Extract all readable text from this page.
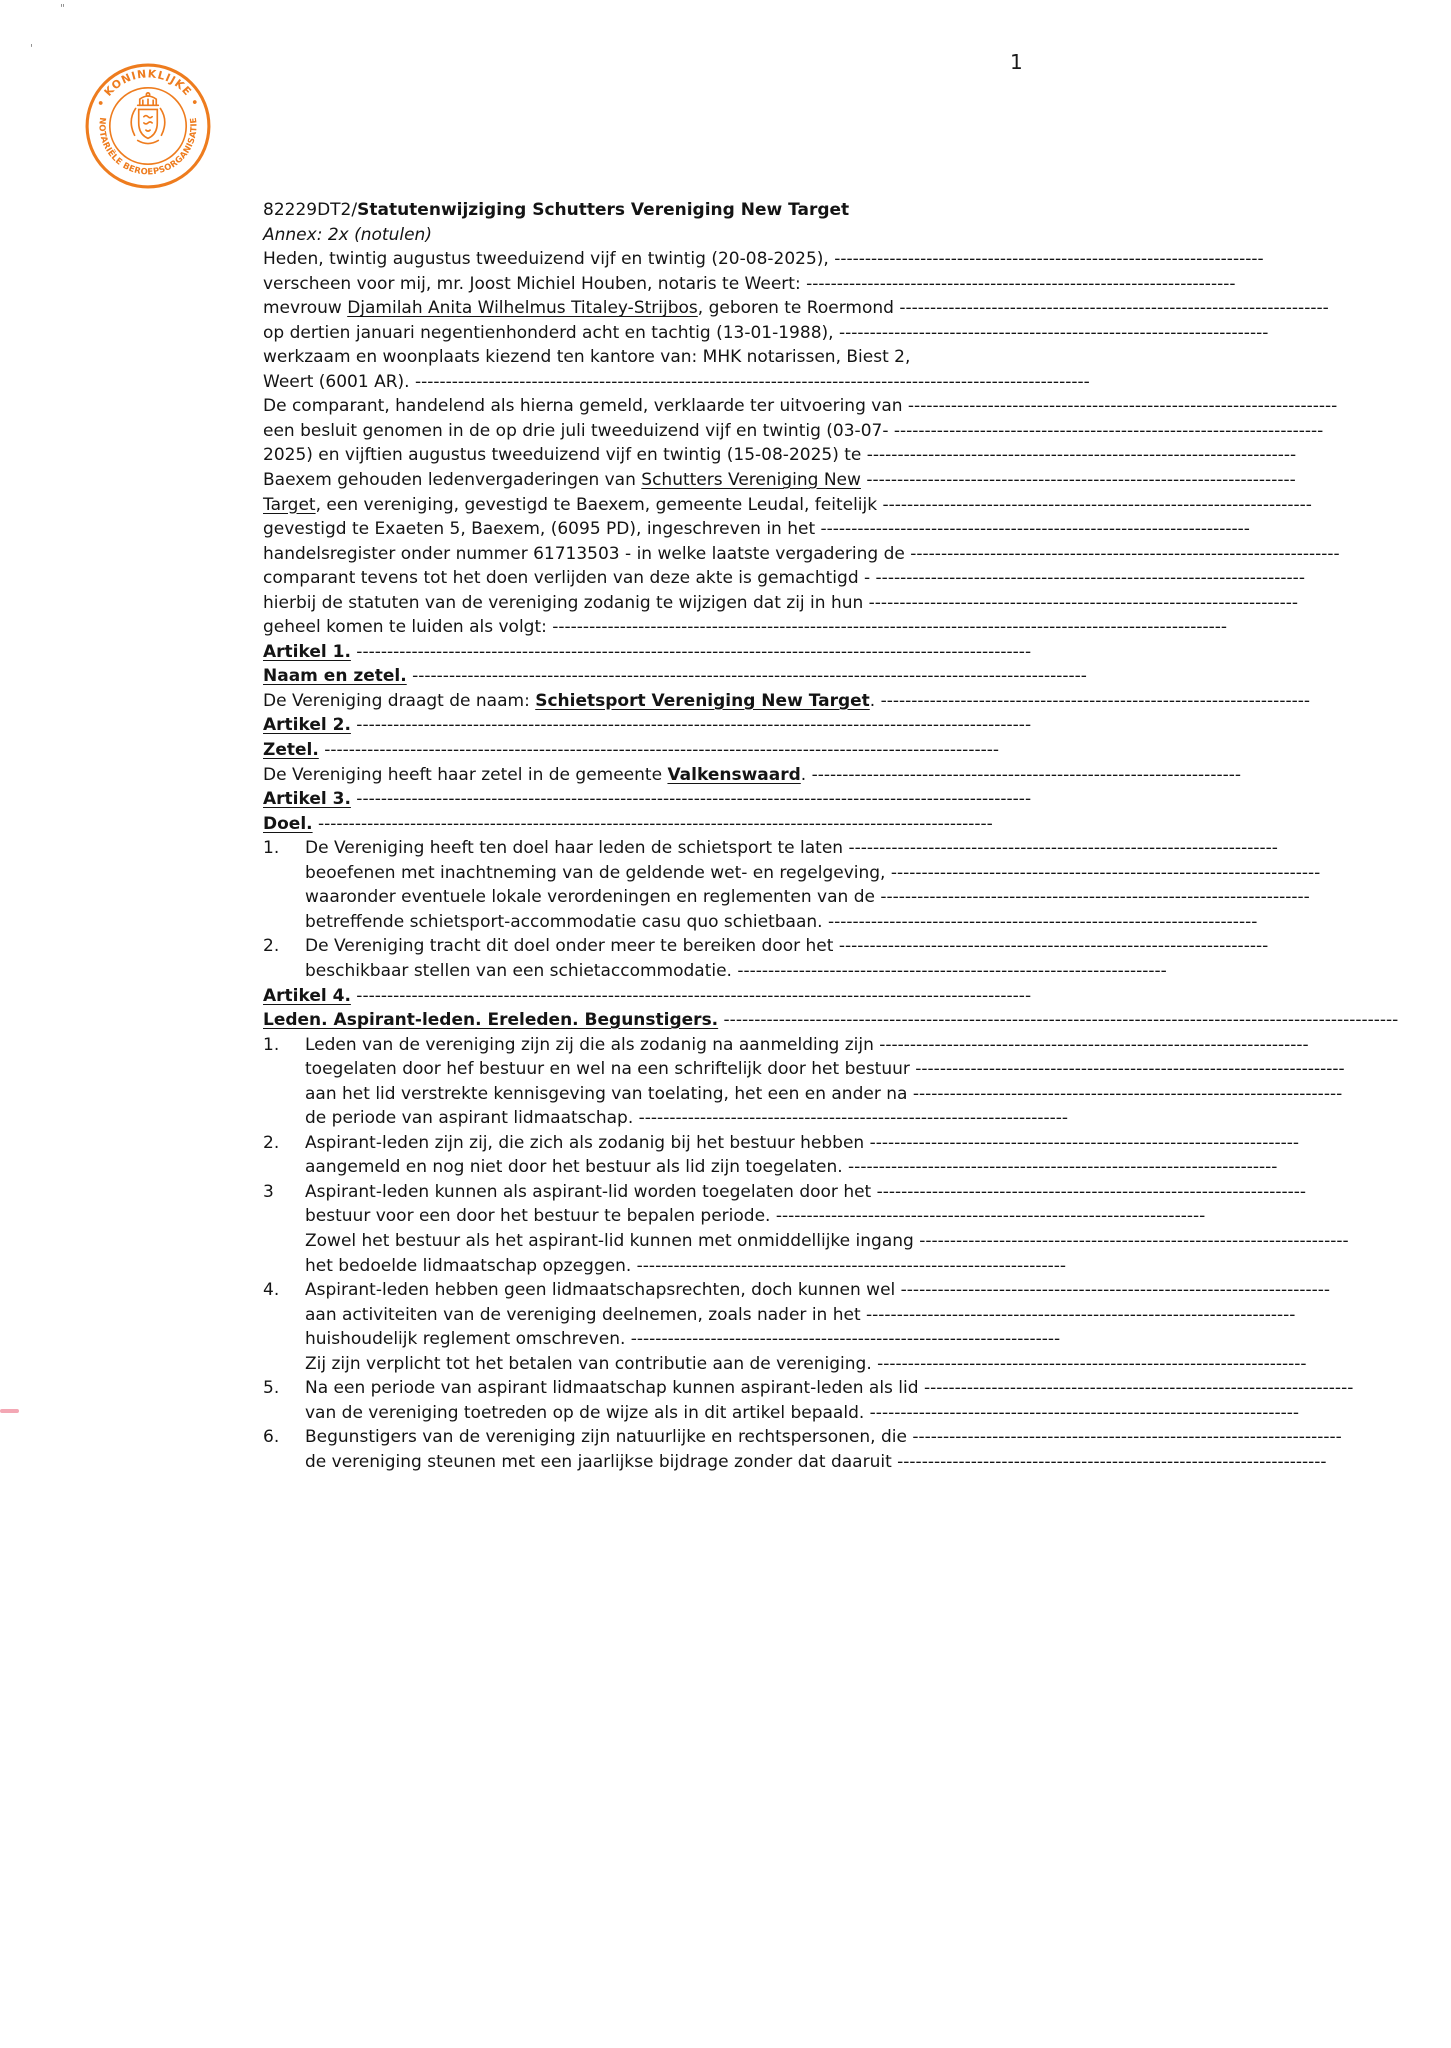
1
"
'
• KONINKLIJKE •
NOTARIËLE BEROEPSORGANISATIE
82229DT2/Statutenwijziging Schutters Vereniging New Target
Annex: 2x (notulen)
Heden, twintig augustus tweeduizend vijf en twintig (20-08-2025), ----------------------------------------------------------------------
verscheen voor mij, mr. Joost Michiel Houben, notaris te Weert: ----------------------------------------------------------------------
mevrouw Djamilah Anita Wilhelmus Titaley-Strijbos, geboren te Roermond ----------------------------------------------------------------------
op dertien januari negentienhonderd acht en tachtig (13-01-1988), ----------------------------------------------------------------------
werkzaam en woonplaats kiezend ten kantore van: MHK notarissen, Biest 2,
Weert (6001 AR). --------------------------------------------------------------------------------------------------------------
De comparant, handelend als hierna gemeld, verklaarde ter uitvoering van ----------------------------------------------------------------------
een besluit genomen in de op drie juli tweeduizend vijf en twintig (03-07- ----------------------------------------------------------------------
2025) en vijftien augustus tweeduizend vijf en twintig (15-08-2025) te ----------------------------------------------------------------------
Baexem gehouden ledenvergaderingen van Schutters Vereniging New ----------------------------------------------------------------------
Target, een vereniging, gevestigd te Baexem, gemeente Leudal, feitelijk ----------------------------------------------------------------------
gevestigd te Exaeten 5, Baexem, (6095 PD), ingeschreven in het ----------------------------------------------------------------------
handelsregister onder nummer 61713503 - in welke laatste vergadering de ----------------------------------------------------------------------
comparant tevens tot het doen verlijden van deze akte is gemachtigd - ----------------------------------------------------------------------
hierbij de statuten van de vereniging zodanig te wijzigen dat zij in hun ----------------------------------------------------------------------
geheel komen te luiden als volgt: --------------------------------------------------------------------------------------------------------------
Artikel 1. --------------------------------------------------------------------------------------------------------------
Naam en zetel. --------------------------------------------------------------------------------------------------------------
De Vereniging draagt de naam: Schietsport Vereniging New Target. ----------------------------------------------------------------------
Artikel 2. --------------------------------------------------------------------------------------------------------------
Zetel. --------------------------------------------------------------------------------------------------------------
De Vereniging heeft haar zetel in de gemeente Valkenswaard. ----------------------------------------------------------------------
Artikel 3. --------------------------------------------------------------------------------------------------------------
Doel. --------------------------------------------------------------------------------------------------------------
1. De Vereniging heeft ten doel haar leden de schietsport te laten ----------------------------------------------------------------------
beoefenen met inachtneming van de geldende wet- en regelgeving, ----------------------------------------------------------------------
waaronder eventuele lokale verordeningen en reglementen van de ----------------------------------------------------------------------
betreffende schietsport-accommodatie casu quo schietbaan. ----------------------------------------------------------------------
2. De Vereniging tracht dit doel onder meer te bereiken door het ----------------------------------------------------------------------
beschikbaar stellen van een schietaccommodatie. ----------------------------------------------------------------------
Artikel 4. --------------------------------------------------------------------------------------------------------------
Leden. Aspirant-leden. Ereleden. Begunstigers. --------------------------------------------------------------------------------------------------------------
1. Leden van de vereniging zijn zij die als zodanig na aanmelding zijn ----------------------------------------------------------------------
toegelaten door hef bestuur en wel na een schriftelijk door het bestuur ----------------------------------------------------------------------
aan het lid verstrekte kennisgeving van toelating, het een en ander na ----------------------------------------------------------------------
de periode van aspirant lidmaatschap. ----------------------------------------------------------------------
2. Aspirant-leden zijn zij, die zich als zodanig bij het bestuur hebben ----------------------------------------------------------------------
aangemeld en nog niet door het bestuur als lid zijn toegelaten. ----------------------------------------------------------------------
3 Aspirant-leden kunnen als aspirant-lid worden toegelaten door het ----------------------------------------------------------------------
bestuur voor een door het bestuur te bepalen periode. ----------------------------------------------------------------------
Zowel het bestuur als het aspirant-lid kunnen met onmiddellijke ingang ----------------------------------------------------------------------
het bedoelde lidmaatschap opzeggen. ----------------------------------------------------------------------
4. Aspirant-leden hebben geen lidmaatschapsrechten, doch kunnen wel ----------------------------------------------------------------------
aan activiteiten van de vereniging deelnemen, zoals nader in het ----------------------------------------------------------------------
huishoudelijk reglement omschreven. ----------------------------------------------------------------------
Zij zijn verplicht tot het betalen van contributie aan de vereniging. ----------------------------------------------------------------------
5. Na een periode van aspirant lidmaatschap kunnen aspirant-leden als lid ----------------------------------------------------------------------
van de vereniging toetreden op de wijze als in dit artikel bepaald. ----------------------------------------------------------------------
6. Begunstigers van de vereniging zijn natuurlijke en rechtspersonen, die ----------------------------------------------------------------------
de vereniging steunen met een jaarlijkse bijdrage zonder dat daaruit ----------------------------------------------------------------------
